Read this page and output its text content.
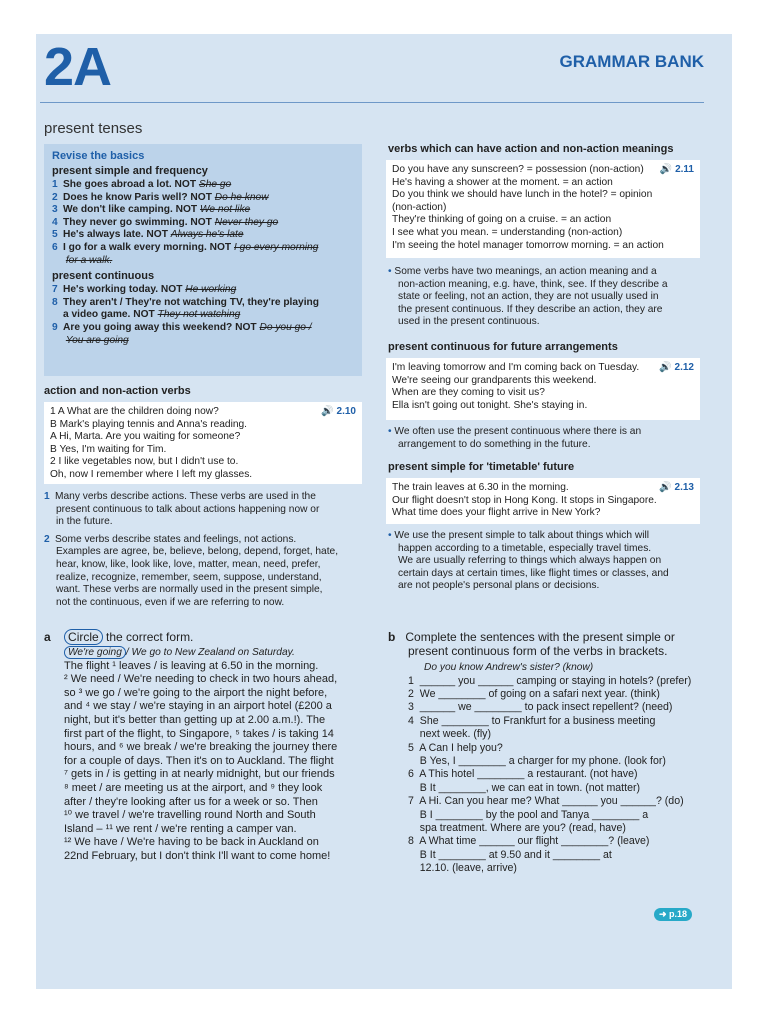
2A	GRAMMAR BANK
present tenses
Revise the basics
present simple and frequency
1 She goes abroad a lot. NOT She go
2 Does he know Paris well? NOT Do he know
3 We don't like camping. NOT We not like
4 They never go swimming. NOT Never they go
5 He's always late. NOT Always he's late
6 I go for a walk every morning. NOT I go every morning
for a walk.
present continuous
7 He's working today. NOT He working
8 They aren't / They're not watching TV, they're playing
a video game. NOT They not watching
9 Are you going away this weekend? NOT Do you go /
You are going
action and non-action verbs
🔊 2.10
1 A What are the children doing now?
B Mark's playing tennis and Anna's reading.
A Hi, Marta. Are you waiting for someone?
B Yes, I'm waiting for Tim.
2 I like vegetables now, but I didn't use to.
Oh, now I remember where I left my glasses.
1 Many verbs describe actions. These verbs are used in the
present continuous to talk about actions happening now or
in the future.
2 Some verbs describe states and feelings, not actions.
Examples are agree, be, believe, belong, depend, forget, hate,
hear, know, like, look like, love, matter, mean, need, prefer,
realize, recognize, remember, seem, suppose, understand,
want. These verbs are normally used in the present simple,
not the continuous, even if we are referring to now.
verbs which can have action and non-action meanings
🔊 2.11
Do you have any sunscreen? = possession (non-action)
He's having a shower at the moment. = an action
Do you think we should have lunch in the hotel? = opinion
(non-action)
They're thinking of going on a cruise. = an action
I see what you mean. = understanding (non-action)
I'm seeing the hotel manager tomorrow morning. = an action
• Some verbs have two meanings, an action meaning and a
non-action meaning, e.g. have, think, see. If they describe a
state or feeling, not an action, they are not usually used in
the present continuous. If they describe an action, they are
used in the present continuous.
present continuous for future arrangements
🔊 2.12
I'm leaving tomorrow and I'm coming back on Tuesday.
We're seeing our grandparents this weekend.
When are they coming to visit us?
Ella isn't going out tonight. She's staying in.
• We often use the present continuous where there is an
arrangement to do something in the future.
present simple for 'timetable' future
🔊 2.13
The train leaves at 6.30 in the morning.
Our flight doesn't stop in Hong Kong. It stops in Singapore.
What time does your flight arrive in New York?
• We use the present simple to talk about things which will
happen according to a timetable, especially travel times.
We are usually referring to things which always happen on
certain days at certain times, like flight times or classes, and
are not people's personal plans or decisions.
a Circle the correct form.
We're going / We go to New Zealand on Saturday.
The flight ¹ leaves / is leaving at 6.50 in the morning.
² We need / We're needing to check in two hours ahead,
so ³ we go / we're going to the airport the night before,
and ⁴ we stay / we're staying in an airport hotel (£200 a
night, but it's better than getting up at 2.00 a.m.!). The
first part of the flight, to Singapore, ⁵ takes / is taking 14
hours, and ⁶ we break / we're breaking the journey there
for a couple of days. Then it's on to Auckland. The flight
⁷ gets in / is getting in at nearly midnight, but our friends
⁸ meet / are meeting us at the airport, and ⁹ they look
after / they're looking after us for a week or so. Then
¹⁰ we travel / we're travelling round North and South
Island – ¹¹ we rent / we're renting a camper van.
¹² We have / We're having to be back in Auckland on
22nd February, but I don't think I'll want to come home!
b Complete the sentences with the present simple or
present continuous form of the verbs in brackets.
Do you know Andrew's sister? (know)
1  ______ you ______ camping or staying in hotels? (prefer)
2  We ________ of going on a safari next year. (think)
3  ______ we ________ to pack insect repellent? (need)
4  She ________ to Frankfurt for a business meeting
next week. (fly)
5  A Can I help you?
B Yes, I ________ a charger for my phone. (look for)
6  A This hotel ________ a restaurant. (not have)
B It ________, we can eat in town. (not matter)
7  A Hi. Can you hear me? What ______ you ______? (do)
B I ________ by the pool and Tanya ________ a
spa treatment. Where are you? (read, have)
8  A What time ______ our flight ________? (leave)
B It ________ at 9.50 and it ________ at
12.10. (leave, arrive)
➜ p.18
